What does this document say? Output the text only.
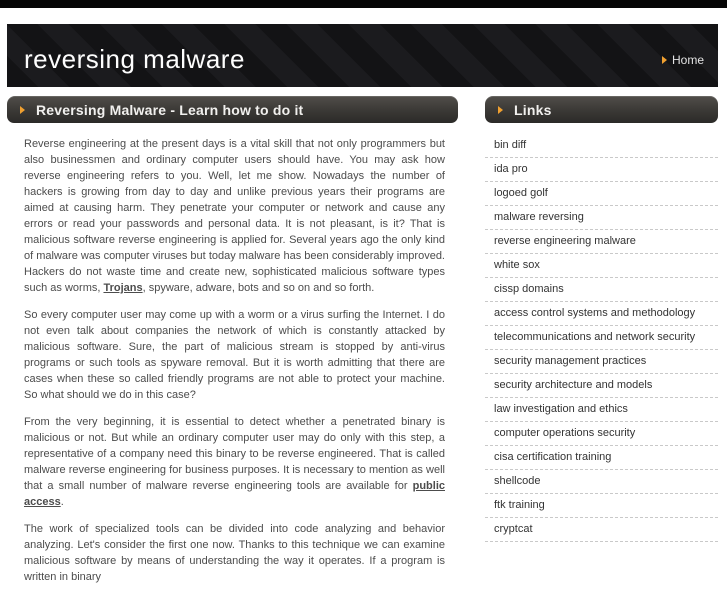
reversing malware	Home
Reversing Malware - Learn how to do it

Reverse engineering at the present days is a vital skill that not only programmers but also businessmen and ordinary computer users should have. You may ask how reverse engineering refers to you. Well, let me show. Nowadays the number of hackers is growing from day to day and unlike previous years their programs are aimed at causing harm. They penetrate your computer or network and cause any errors or read your passwords and personal data. It is not pleasant, is it? That is malicious software reverse engineering is applied for. Several years ago the only kind of malware was computer viruses but today malware has been considerably improved. Hackers do not waste time and create new, sophisticated malicious software types such as worms, Trojans, spyware, adware, bots and so on and so forth.

So every computer user may come up with a worm or a virus surfing the Internet. I do not even talk about companies the network of which is constantly attacked by malicious software. Sure, the part of malicious stream is stopped by anti-virus programs or such tools as spyware removal. But it is worth admitting that there are cases when these so called friendly programs are not able to protect your machine. So what should we do in this case?

From the very beginning, it is essential to detect whether a penetrated binary is malicious or not. But while an ordinary computer user may do only with this step, a representative of a company need this binary to be reverse engineered. That is called malware reverse engineering for business purposes. It is necessary to mention as well that a small number of malware reverse engineering tools are available for public access.

The work of specialized tools can be divided into code analyzing and behavior analyzing. Let's consider the first one now. Thanks to this technique we can examine malicious software by means of understanding the way it operates. If a program is written in binary

Links
bin diff
ida pro
logoed golf
malware reversing
reverse engineering malware
white sox
cissp domains
access control systems and methodology
telecommunications and network security
security management practices
security architecture and models
law investigation and ethics
computer operations security
cisa certification training
shellcode
ftk training
cryptcat
